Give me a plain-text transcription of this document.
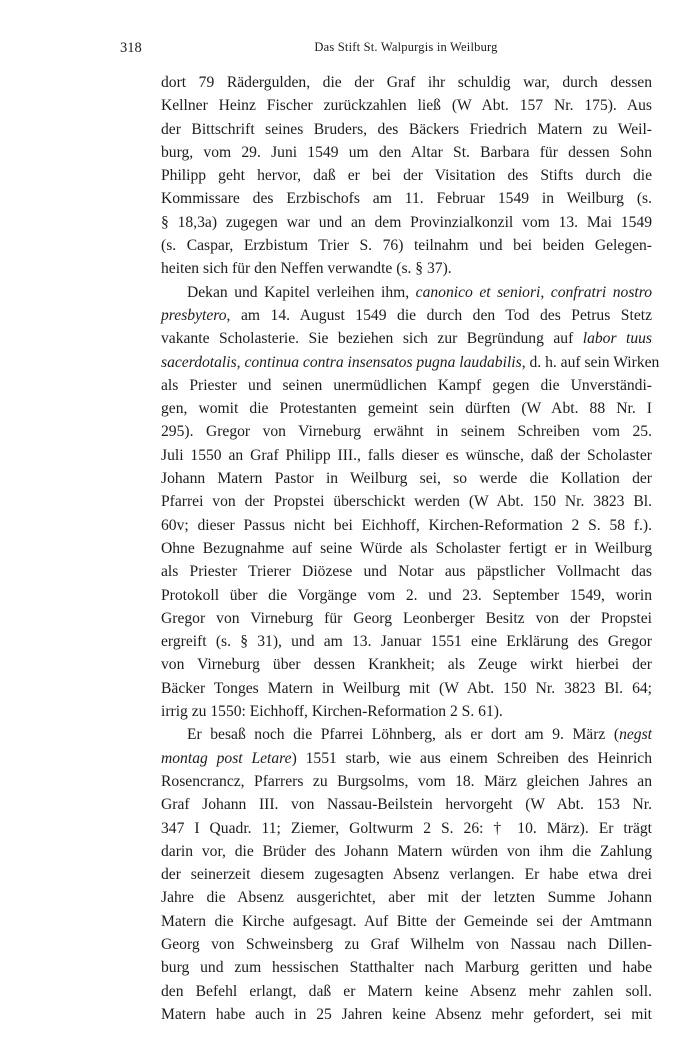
318	Das Stift St. Walpurgis in Weilburg
dort 79 Rädergulden, die der Graf ihr schuldig war, durch dessen
Kellner Heinz Fischer zurückzahlen ließ (W Abt. 157 Nr. 175). Aus
der Bittschrift seines Bruders, des Bäckers Friedrich Matern zu Weil-
burg, vom 29. Juni 1549 um den Altar St. Barbara für dessen Sohn
Philipp geht hervor, daß er bei der Visitation des Stifts durch die
Kommissare des Erzbischofs am 11. Februar 1549 in Weilburg (s.
§ 18,3a) zugegen war und an dem Provinzialkonzil vom 13. Mai 1549
(s. Caspar, Erzbistum Trier S. 76) teilnahm und bei beiden Gelegen-
heiten sich für den Neffen verwandte (s. § 37).
Dekan und Kapitel verleihen ihm, canonico et seniori, confratri nostro
presbytero, am 14. August 1549 die durch den Tod des Petrus Stetz
vakante Scholasterie. Sie beziehen sich zur Begründung auf labor tuus
sacerdotalis, continua contra insensatos pugna laudabilis, d. h. auf sein Wirken
als Priester und seinen unermüdlichen Kampf gegen die Unverständi-
gen, womit die Protestanten gemeint sein dürften (W Abt. 88 Nr. I
295). Gregor von Virneburg erwähnt in seinem Schreiben vom 25.
Juli 1550 an Graf Philipp III., falls dieser es wünsche, daß der Scholaster
Johann Matern Pastor in Weilburg sei, so werde die Kollation der
Pfarrei von der Propstei überschickt werden (W Abt. 150 Nr. 3823 Bl.
60v; dieser Passus nicht bei Eichhoff, Kirchen-Reformation 2 S. 58 f.).
Ohne Bezugnahme auf seine Würde als Scholaster fertigt er in Weilburg
als Priester Trierer Diözese und Notar aus päpstlicher Vollmacht das
Protokoll über die Vorgänge vom 2. und 23. September 1549, worin
Gregor von Virneburg für Georg Leonberger Besitz von der Propstei
ergreift (s. § 31), und am 13. Januar 1551 eine Erklärung des Gregor
von Virneburg über dessen Krankheit; als Zeuge wirkt hierbei der
Bäcker Tonges Matern in Weilburg mit (W Abt. 150 Nr. 3823 Bl. 64;
irrig zu 1550: Eichhoff, Kirchen-Reformation 2 S. 61).
Er besaß noch die Pfarrei Löhnberg, als er dort am 9. März (negst
montag post Letare) 1551 starb, wie aus einem Schreiben des Heinrich
Rosencrancz, Pfarrers zu Burgsolms, vom 18. März gleichen Jahres an
Graf Johann III. von Nassau-Beilstein hervorgeht (W Abt. 153 Nr.
347 I Quadr. 11; Ziemer, Goltwurm 2 S. 26: † 10. März). Er trägt
darin vor, die Brüder des Johann Matern würden von ihm die Zahlung
der seinerzeit diesem zugesagten Absenz verlangen. Er habe etwa drei
Jahre die Absenz ausgerichtet, aber mit der letzten Summe Johann
Matern die Kirche aufgesagt. Auf Bitte der Gemeinde sei der Amtmann
Georg von Schweinsberg zu Graf Wilhelm von Nassau nach Dillen-
burg und zum hessischen Statthalter nach Marburg geritten und habe
den Befehl erlangt, daß er Matern keine Absenz mehr zahlen soll.
Matern habe auch in 25 Jahren keine Absenz mehr gefordert, sei mit
